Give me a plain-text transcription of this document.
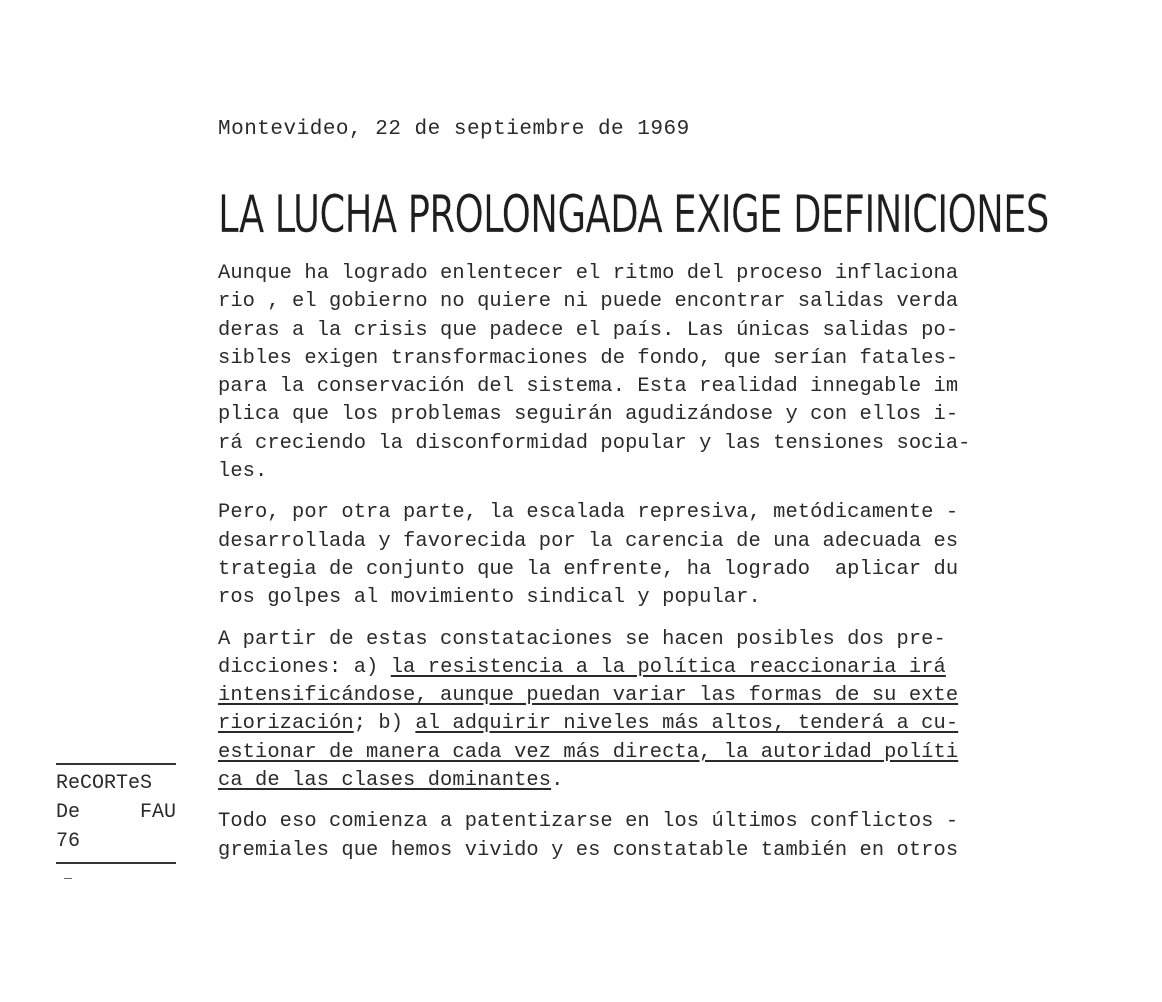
Montevideo, 22 de septiembre de 1969
LA LUCHA PROLONGADA EXIGE DEFINICIONES

Aunque ha logrado enlentecer el ritmo del proceso inflaciona
rio , el gobierno no quiere ni puede encontrar salidas verda
deras a la crisis que padece el país. Las únicas salidas po-
sibles exigen transformaciones de fondo, que serían fatales-
para la conservación del sistema. Esta realidad innegable im
plica que los problemas seguirán agudizándose y con ellos i-
rá creciendo la disconformidad popular y las tensiones socia-
les.

Pero, por otra parte, la escalada represiva, metódicamente -
desarrollada y favorecida por la carencia de una adecuada es
trategia de conjunto que la enfrente, ha logrado  aplicar du
ros golpes al movimiento sindical y popular.

A partir de estas constataciones se hacen posibles dos pre-
dicciones: a) la resistencia a la política reaccionaria irá
intensificándose, aunque puedan variar las formas de su exte
riorización; b) al adquirir niveles más altos, tenderá a cu-
estionar de manera cada vez más directa, la autoridad políti
ca de las clases dominantes.

Todo eso comienza a patentizarse en los últimos conflictos -
gremiales que hemos vivido y es constatable también en otros

ReCORTeS
De	FAU
76
